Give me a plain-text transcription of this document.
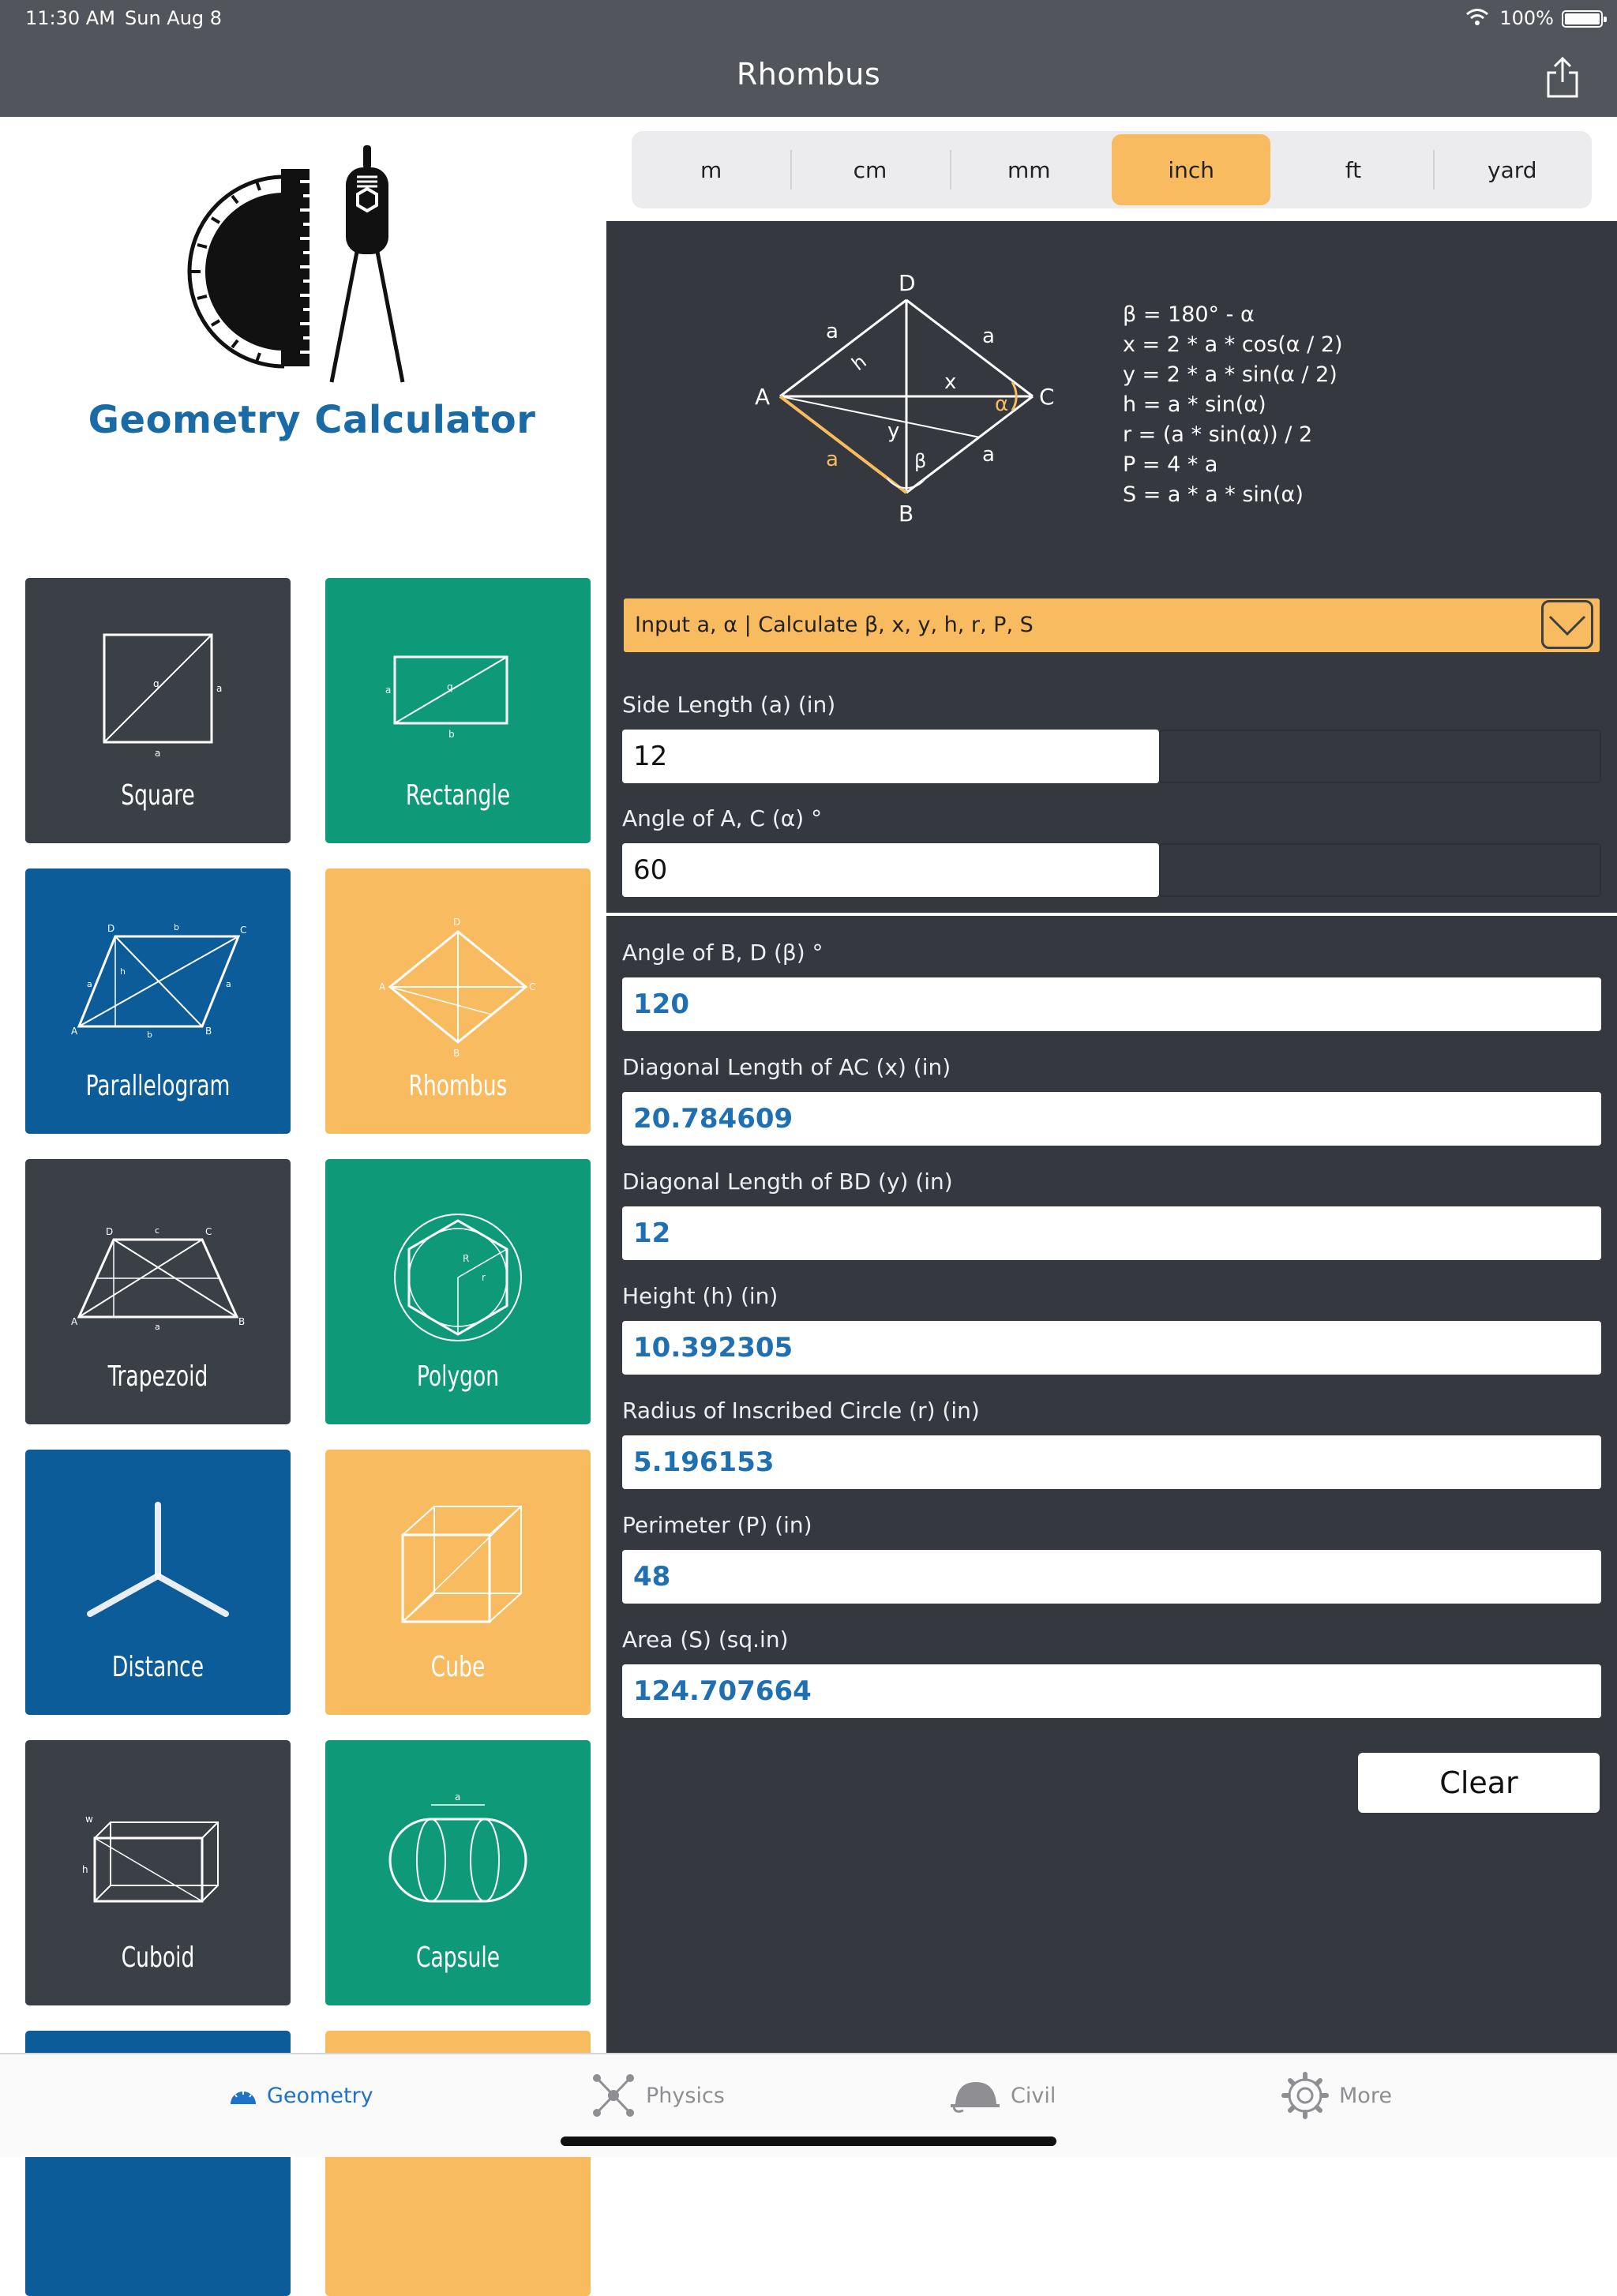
11:30 AM Sun Aug 8	100%
Rhombus
Geometry Calculator
q	a
a
Square
q
a
b
Rectangle
D	C
A	B
b
b
a	a
h
Parallelogram
D
B
A	C
Rhombus
D	C
A	B
c
a
Trapezoid
R
r
Polygon
Distance	Cube
w
h
Cuboid
a
Capsule
m	cm	mm	inch	ft	yard
D
A	C
B
a	a
a
a
x
y
h
α
β
β = 180° - α
x = 2 * a * cos(α / 2)
y = 2 * a * sin(α / 2)
h = a * sin(α)
r = (a * sin(α)) / 2
P = 4 * a
S = a * a * sin(α)
Input a, α | Calculate β, x, y, h, r, P, S
Side Length (a) (in)
12
Angle of A, C (α) °
60
Angle of B, D (β) °
120
Diagonal Length of AC (x) (in)
20.784609
Diagonal Length of BD (y) (in)
12
Height (h) (in)
10.392305
Radius of Inscribed Circle (r) (in)
5.196153
Perimeter (P) (in)
48
Area (S) (sq.in)
124.707664
Clear
Geometry	Physics	Civil	More
